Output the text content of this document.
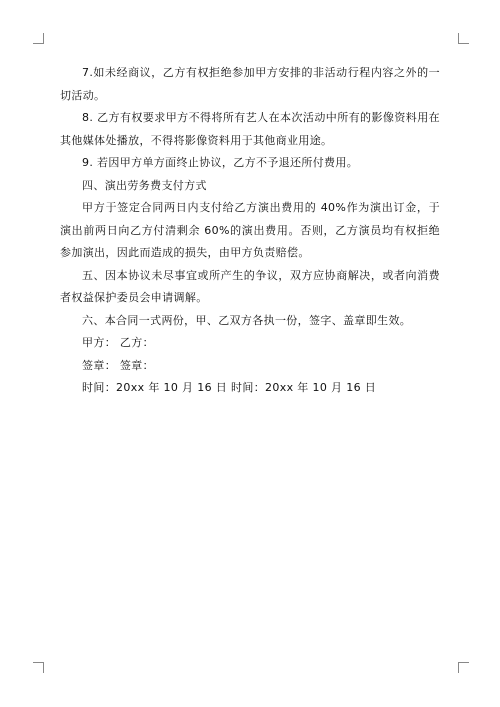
7.如未经商议，乙方有权拒绝参加甲方安排的非活动行程内容之外的一切活动。

8. 乙方有权要求甲方不得将所有艺人在本次活动中所有的影像资料用在其他媒体处播放，不得将影像资料用于其他商业用途。

9. 若因甲方单方面终止协议，乙方不予退还所付费用。

四、演出劳务费支付方式

甲方于签定合同两日内支付给乙方演出费用的 40%作为演出订金，于演出前两日向乙方付清剩余 60%的演出费用。否则，乙方演员均有权拒绝参加演出，因此而造成的损失，由甲方负责赔偿。

五、因本协议未尽事宜或所产生的争议，双方应协商解决，或者向消费者权益保护委员会申请调解。

六、本合同一式两份，甲、乙双方各执一份，签字、盖章即生效。

甲方： 乙方：

签章： 签章：

时间：20xx 年 10 月 16 日 时间：20xx 年 10 月 16 日
